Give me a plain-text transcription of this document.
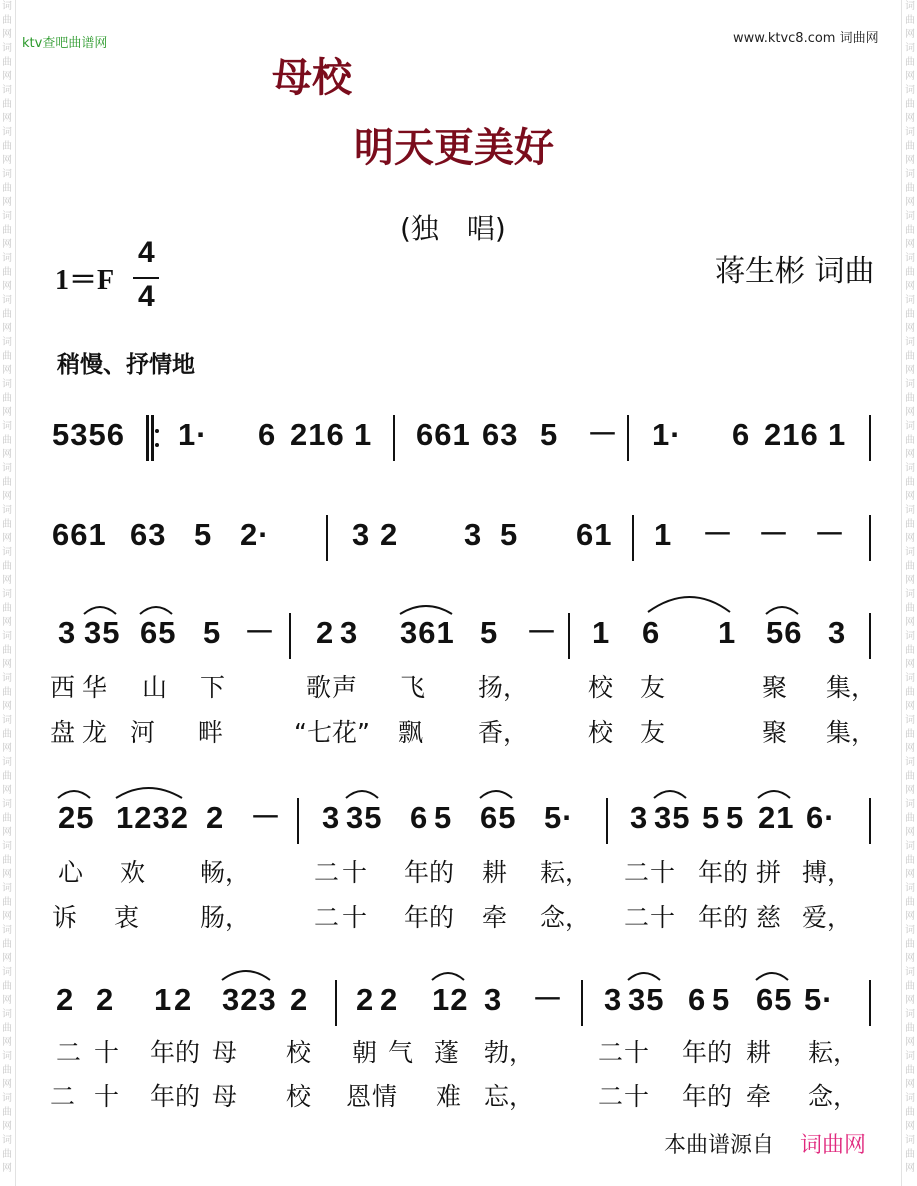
词
曲
网
词
曲
网
词
曲
网
词
曲
网
词
曲
网
词
曲
网
词
曲
网
词
曲
网
词
曲
网
词
曲
网
词
曲
网
词
曲
网
词
曲
网
词
曲
网
词
曲
网
词
曲
网
词
曲
网
词
曲
网
词
曲
网
词
曲
网
词
曲
网
词
曲
网
词
曲
网
词
曲
网
词
曲
网
词
曲
网
词
曲
网
词
曲
网

词
曲
网
词
曲
网
词
曲
网
词
曲
网
词
曲
网
词
曲
网
词
曲
网
词
曲
网
词
曲
网
词
曲
网
词
曲
网
词
曲
网
词
曲
网
词
曲
网
词
曲
网
词
曲
网
词
曲
网
词
曲
网
词
曲
网
词
曲
网
词
曲
网
词
曲
网
词
曲
网
词
曲
网
词
曲
网
词
曲
网
词
曲
网
词
曲
网

ktv查吧曲谱网	www.ktvc8.com 词曲网
母校
明天更美好
(独　唱)
1＝F
4
4
蒋生彬 词曲
稍慢、抒情地
5356 1· 6 216 1 661 63 5 － 1· 6 216 1
661 63 5 2·	3 2 3 5 61 1 － － －
3 35 65 5 － 2 3 361 5 － 1 6 1 56 3
西 华 山 下	歌 声 飞 扬， 校 友	聚 集，
盘 龙 河 畔	“七花” 飘 香， 校 友	聚 集，
25 1232 2 － 3 35 6 5 65 5· 3 35 5 5 21 6·
心 欢 畅，	二 十 年的 耕 耘， 二 十 年的 拼 搏，
诉 衷 肠，	二 十 年的 牵 念， 二 十 年的 慈 爱，
2 2 1 2 323 2 2 2 12 3 － 3 35 6 5 65 5·
二 十 年的 母 校 朝 气 蓬 勃，	二 十 年的 耕 耘，
二 十 年的 母 校 恩 情 难 忘，	二 十 年的 牵 念，
本曲谱源自 词曲网
